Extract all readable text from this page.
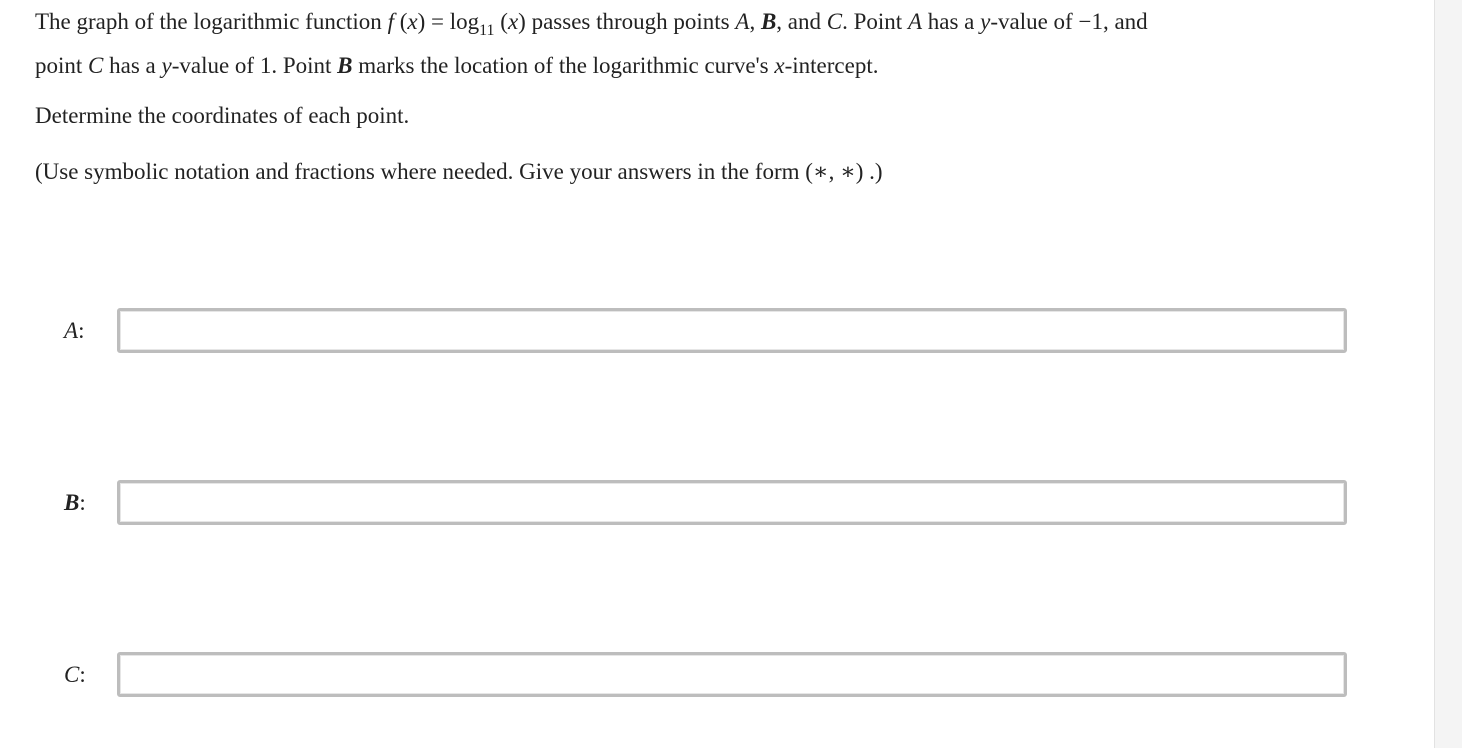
The graph of the logarithmic function f $(x) = \log_{11} (x)$ passes through points A, B, and C. Point A has a y-value of −1, and
point C has a y-value of 1. Point B marks the location of the logarithmic curve's x-intercept.

Determine the coordinates of each point.

(Use symbolic notation and fractions where needed. Give your answers in the form (∗, ∗) .)

A:
B:
C:
